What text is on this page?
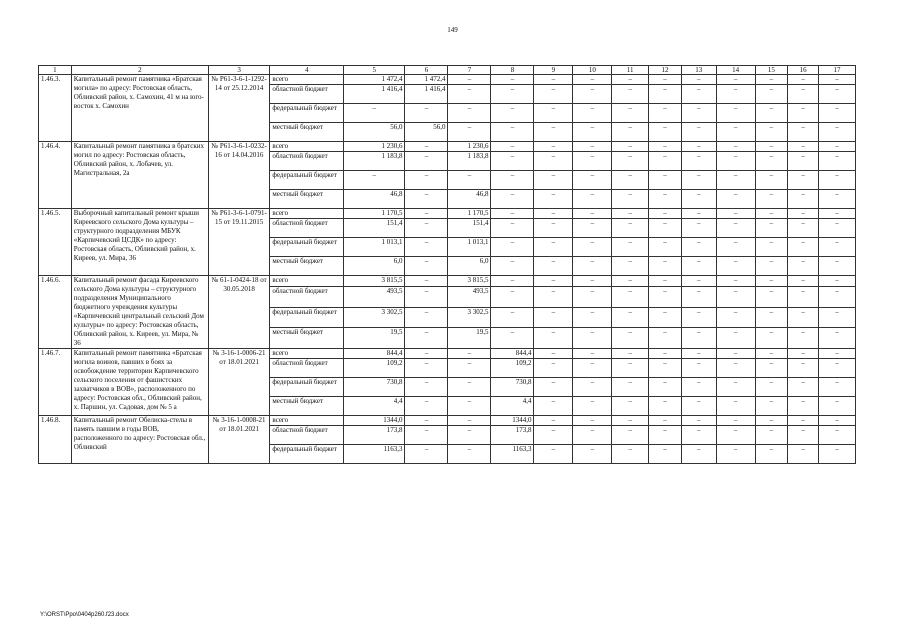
149
1	2	3	4	5	6	7	8	9	10	11	12	13	14	15	16	17
1.46.3.	Капитальный ремонт памятника «Братская могила» по адресу: Ростовская область, Обливский район, х. Самохин, 41 м на юго-восток х. Самохин	№ Р61-3-6-1-1292-14 от 25.12.2014	всего	1 472,4	1 472,4	–	–	–	–	–	–	–	–	–	–	–
			областной бюджет	1 416,4	1 416,4	–	–	–	–	–	–	–	–	–	–	–
			федеральный бюджет	–	–	–	–	–	–	–	–	–	–	–	–	–
			местный бюджет	56,0	56,0	–	–	–	–	–	–	–	–	–	–	–
1.46.4.	Капитальный ремонт памятника в братских могил по адресу: Ростовская область, Обливский район, х. Лобачев, ул. Магистральная, 2а	№ Р61-3-6-1-0232-16 от 14.04.2016	всего	1 230,6	–	1 230,6	–	–	–	–	–	–	–	–	–	–
			областной бюджет	1 183,8	–	1 183,8	–	–	–	–	–	–	–	–	–	–
			федеральный бюджет	–	–	–	–	–	–	–	–	–	–	–	–	–
			местный бюджет	46,8	–	46,8	–	–	–	–	–	–	–	–	–	–
1.46.5.	Выборочный капитальный ремонт крыши Киреевского сельского Дома культуры – структурного подразделения МБУК «Карпичевский ЦСДК» по адресу: Ростовская область, Обливский район, х. Киреев, ул. Мира, 36	№ Р61-3-6-1-0791-15 от 19.11.2015	всего	1 170,5	–	1 170,5	–	–	–	–	–	–	–	–	–	–
			областной бюджет	151,4	–	151,4	–	–	–	–	–	–	–	–	–	–
			федеральный бюджет	1 013,1	–	1 013,1	–	–	–	–	–	–	–	–	–	–
			местный бюджет	6,0	–	6,0	–	–	–	–	–	–	–	–	–	–
1.46.6.	Капитальный ремонт фасада Киреевского сельского Дома культуры – структурного подразделения Муниципального бюджетного учреждения культуры «Карпичевский центральный сельский Дом культуры» по адресу: Ростовская область, Обливский район, х. Киреев, ул. Мира, № 36	№ 61-1-0424-18 от 30.05.2018	всего	3 815,5	–	3 815,5	–	–	–	–	–	–	–	–	–	–
			областной бюджет	493,5	–	493,5	–	–	–	–	–	–	–	–	–	–
			федеральный бюджет	3 302,5	–	3 302,5	–	–	–	–	–	–	–	–	–	–
			местный бюджет	19,5	–	19,5	–	–	–	–	–	–	–	–	–	–
1.46.7.	Капитальный ремонт памятника «Братская могила воинов, павших в боях за освобождение территории Карпичевского сельского поселения от фашистских захватчиков в ВОВ», расположенного по адресу: Ростовская обл., Обливский район, х. Паршин, ул. Садовая, дом № 5 а	№ 3-16-1-0006-21 от 18.01.2021	всего	844,4	–	–	844,4	–	–	–	–	–	–	–	–	–
			областной бюджет	109,2	–	–	109,2	–	–	–	–	–	–	–	–	–
			федеральный бюджет	730,8	–	–	730,8	–	–	–	–	–	–	–	–	–
			местный бюджет	4,4	–	–	4,4	–	–	–	–	–	–	–	–	–
1.46.8.	Капитальный ремонт Обелиска-стелы в память павшим в годы ВОВ, расположенного по адресу: Ростовская обл., Обливский	№ 3-16-1-0008-21 от 18.01.2021	всего	1344,0	–	–	1344,0	–	–	–	–	–	–	–	–	–
			областной бюджет	173,8	–	–	173,8	–	–	–	–	–	–	–	–	–
			федеральный бюджет	1163,3	–	–	1163,3	–	–	–	–	–	–	–	–	–
Y:\ORST\Ppo\0404p260.f23.docx
